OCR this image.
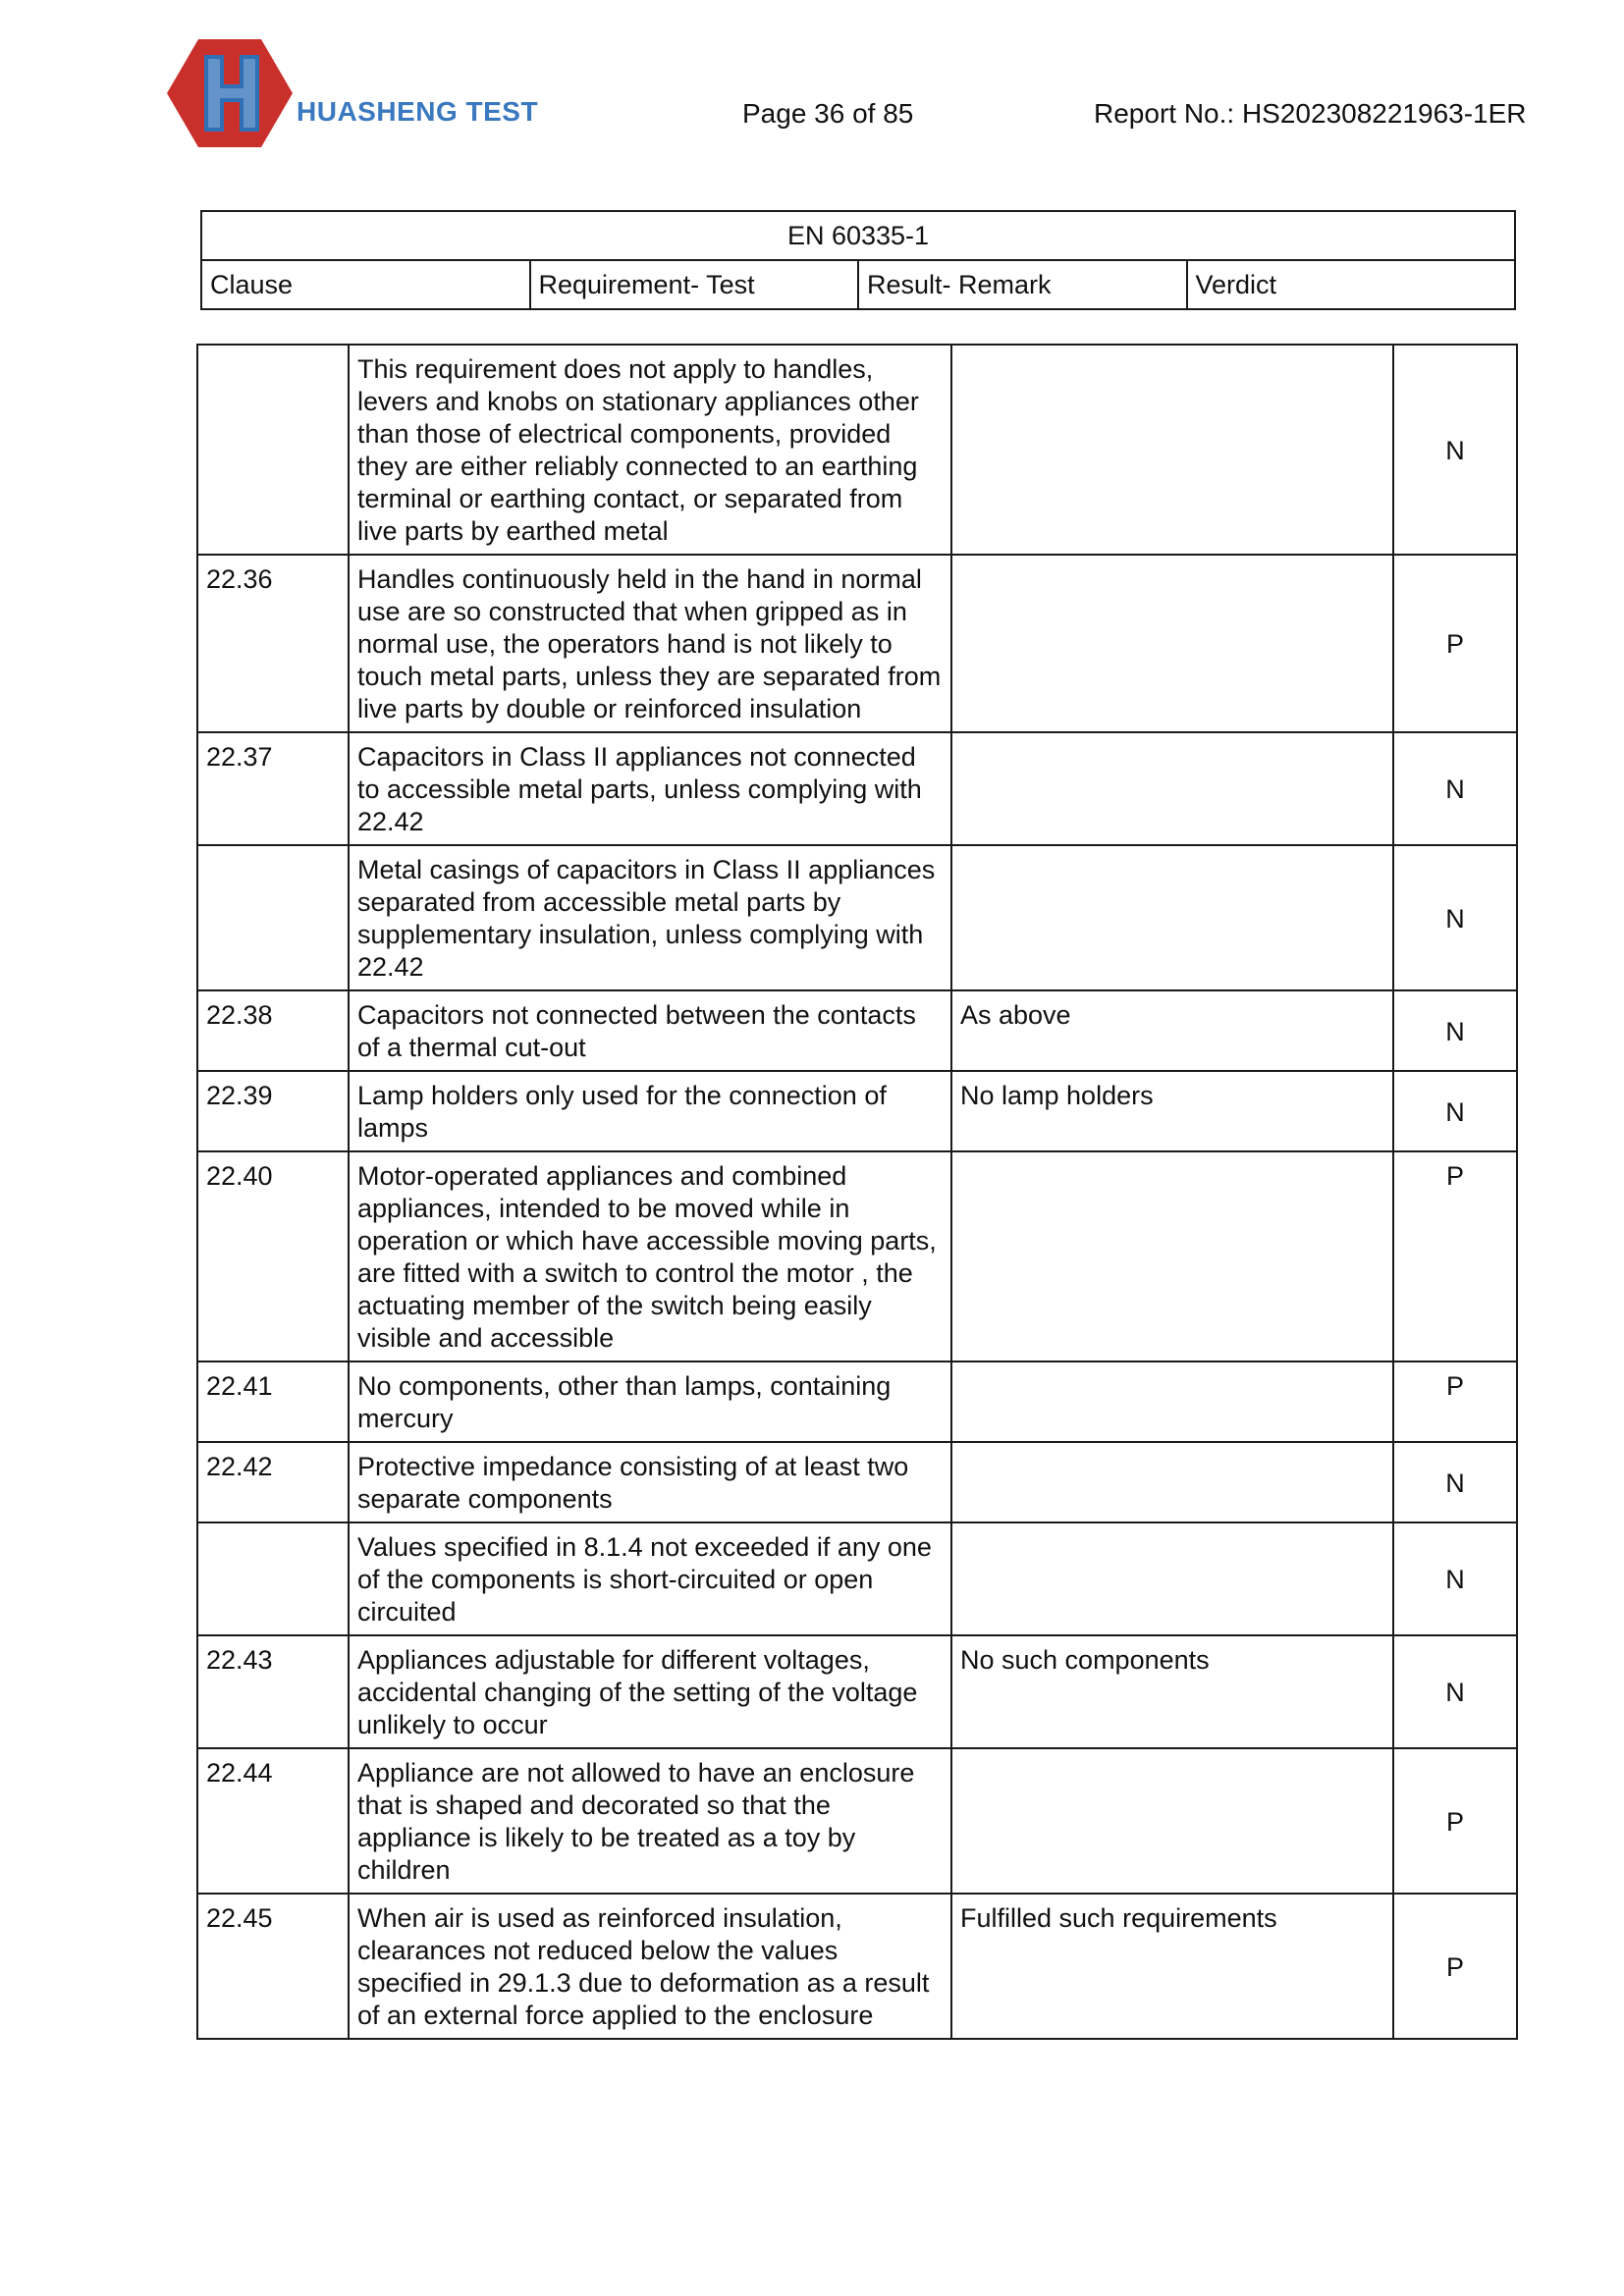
HUASHENG TEST	Page 36 of 85	Report No.: HS202308221963-1ER
EN 60335-1
Clause	Requirement- Test	Result- Remark	Verdict
	This requirement does not apply to handles, levers and knobs on stationary appliances other than those of electrical components, provided they are either reliably connected to an earthing terminal or earthing contact, or separated from live parts by earthed metal		N
22.36	Handles continuously held in the hand in normal use are so constructed that when gripped as in normal use, the operators hand is not likely to touch metal parts, unless they are separated from live parts by double or reinforced insulation		P
22.37	Capacitors in Class II appliances not connected to accessible metal parts, unless complying with 22.42		N
	Metal casings of capacitors in Class II appliances separated from accessible metal parts by supplementary insulation, unless complying with 22.42		N
22.38	Capacitors not connected between the contacts of a thermal cut-out	As above	N
22.39	Lamp holders only used for the connection of lamps	No lamp holders	N
22.40	Motor-operated appliances and combined appliances, intended to be moved while in operation or which have accessible moving parts, are fitted with a switch to control the motor , the actuating member of the switch being easily visible and accessible		P
22.41	No components, other than lamps, containing mercury		P
22.42	Protective impedance consisting of at least two separate components		N
	Values specified in 8.1.4 not exceeded if any one of the components is short-circuited or open circuited		N
22.43	Appliances adjustable for different voltages, accidental changing of the setting of the voltage unlikely to occur	No such components	N
22.44	Appliance are not allowed to have an enclosure that is shaped and decorated so that the appliance is likely to be treated as a toy by children		P
22.45	When air is used as reinforced insulation, clearances not reduced below the values specified in 29.1.3 due to deformation as a result of an external force applied to the enclosure	Fulfilled such requirements	P
